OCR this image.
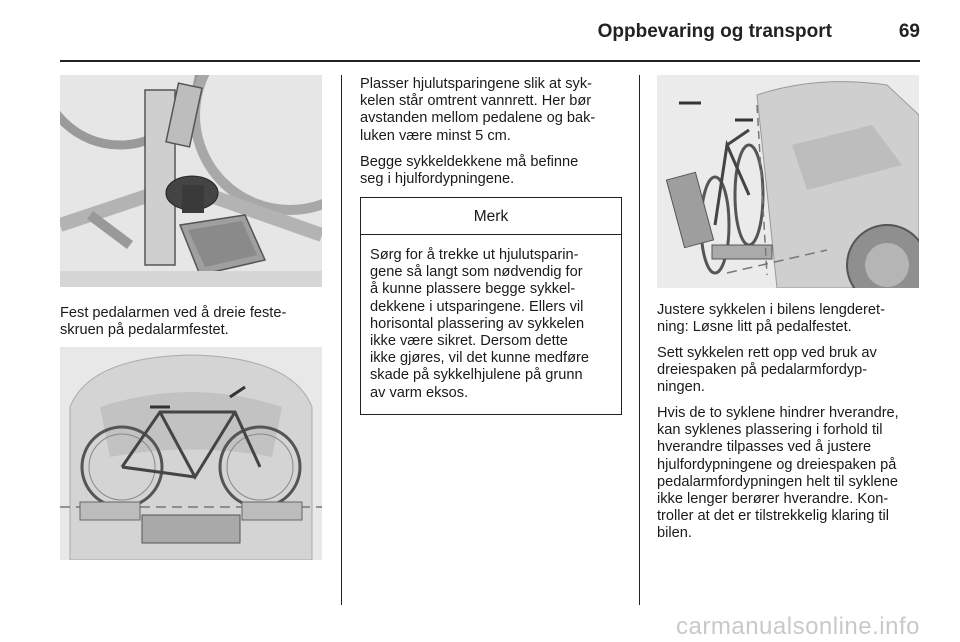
Oppbevaring og transport	69
Fest pedalarmen ved å dreie feste-
skruen på pedalarmfestet.
Plasser hjulutsparingene slik at syk-
kelen står omtrent vannrett. Her bør
avstanden mellom pedalene og bak-
luken være minst 5 cm.
Begge sykkeldekkene må befinne
seg i hjulfordypningene.
Merk
Sørg for å trekke ut hjulutsparin-
gene så langt som nødvendig for
å kunne plassere begge sykkel-
dekkene i utsparingene. Ellers vil
horisontal plassering av sykkelen
ikke være sikret. Dersom dette
ikke gjøres, vil det kunne medføre
skade på sykkelhjulene på grunn
av varm eksos.
Justere sykkelen i bilens lengderet-
ning: Løsne litt på pedalfestet.
Sett sykkelen rett opp ved bruk av
dreiespaken på pedalarmfordyp-
ningen.
Hvis de to syklene hindrer hverandre,
kan syklenes plassering i forhold til
hverandre tilpasses ved å justere
hjulfordypningene og dreiespaken på
pedalarmfordypningen helt til syklene
ikke lenger berører hverandre. Kon-
troller at det er tilstrekkelig klaring til
bilen.
carmanualsonline.info
